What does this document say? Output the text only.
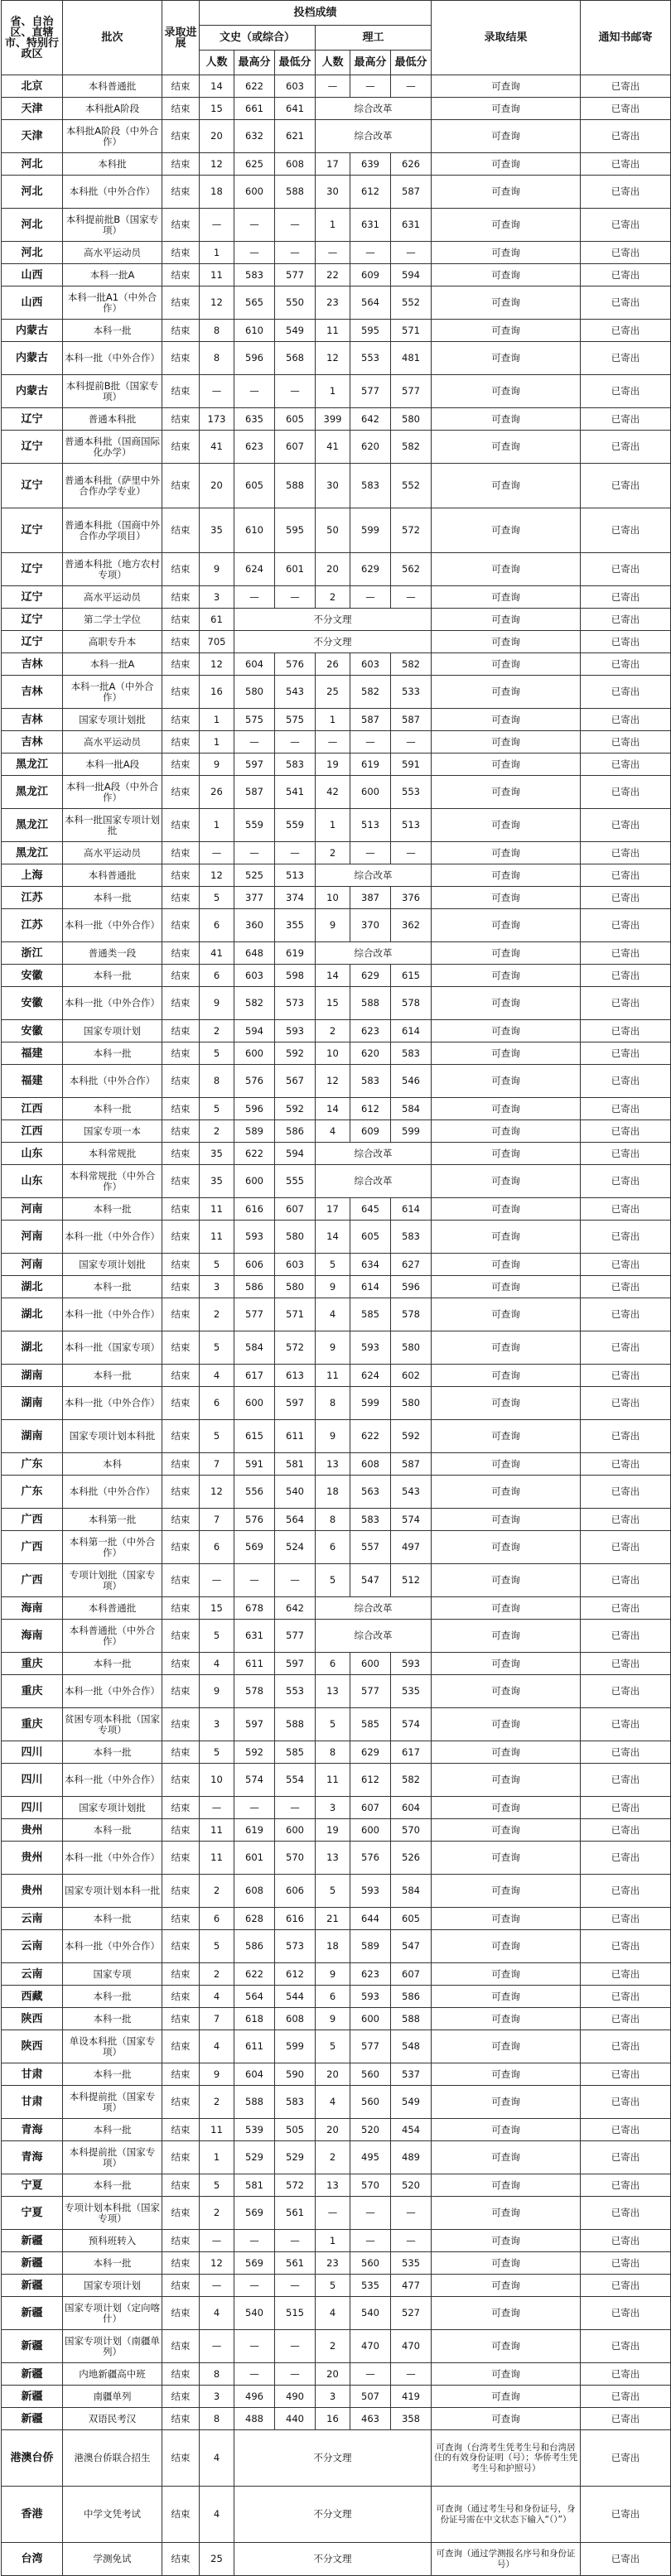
省、自治区、直辖市、特别行政区	批次	录取进展	投档成绩						录取结果	通知书邮寄
			文史（或综合）			理工				
			人数	最高分	最低分	人数	最高分	最低分		
北京	本科普通批	结束	14	622	603	—	—	—	可查询	已寄出
天津	本科批A阶段	结束	15	661	641	综合改革			可查询	已寄出
天津	本科批A阶段（中外合作）	结束	20	632	621	综合改革			可查询	已寄出
河北	本科批	结束	12	625	608	17	639	626	可查询	已寄出
河北	本科批（中外合作）	结束	18	600	588	30	612	587	可查询	已寄出
河北	本科提前批B（国家专项）	结束	—	—	—	1	631	631	可查询	已寄出
河北	高水平运动员	结束	1	—	—	—	—	—	可查询	已寄出
山西	本科一批A	结束	11	583	577	22	609	594	可查询	已寄出
山西	本科一批A1（中外合作）	结束	12	565	550	23	564	552	可查询	已寄出
内蒙古	本科一批	结束	8	610	549	11	595	571	可查询	已寄出
内蒙古	本科一批（中外合作）	结束	8	596	568	12	553	481	可查询	已寄出
内蒙古	本科提前B批（国家专项）	结束	—	—	—	1	577	577	可查询	已寄出
辽宁	普通本科批	结束	173	635	605	399	642	580	可查询	已寄出
辽宁	普通本科批（国商国际化办学）	结束	41	623	607	41	620	582	可查询	已寄出
辽宁	普通本科批（萨里中外合作办学专业）	结束	20	605	588	30	583	552	可查询	已寄出
辽宁	普通本科批（国商中外合作办学项目）	结束	35	610	595	50	599	572	可查询	已寄出
辽宁	普通本科批（地方农村专项）	结束	9	624	601	20	629	562	可查询	已寄出
辽宁	高水平运动员	结束	3	—	—	2	—	—	可查询	已寄出
辽宁	第二学士学位	结束	61	不分文理					可查询	已寄出
辽宁	高职专升本	结束	705	不分文理					可查询	已寄出
吉林	本科一批A	结束	12	604	576	26	603	582	可查询	已寄出
吉林	本科一批A（中外合作）	结束	16	580	543	25	582	533	可查询	已寄出
吉林	国家专项计划批	结束	1	575	575	1	587	587	可查询	已寄出
吉林	高水平运动员	结束	1	—	—	—	—	—	可查询	已寄出
黑龙江	本科一批A段	结束	9	597	583	19	619	591	可查询	已寄出
黑龙江	本科一批A段（中外合作）	结束	26	587	541	42	600	553	可查询	已寄出
黑龙江	本科一批国家专项计划批	结束	1	559	559	1	513	513	可查询	已寄出
黑龙江	高水平运动员	结束	—	—	—	2	—	—	可查询	已寄出
上海	本科普通批	结束	12	525	513	综合改革			可查询	已寄出
江苏	本科一批	结束	5	377	374	10	387	376	可查询	已寄出
江苏	本科一批（中外合作）	结束	6	360	355	9	370	362	可查询	已寄出
浙江	普通类一段	结束	41	648	619	综合改革			可查询	已寄出
安徽	本科一批	结束	6	603	598	14	629	615	可查询	已寄出
安徽	本科一批（中外合作）	结束	9	582	573	15	588	578	可查询	已寄出
安徽	国家专项计划	结束	2	594	593	2	623	614	可查询	已寄出
福建	本科一批	结束	5	600	592	10	620	583	可查询	已寄出
福建	本科批（中外合作）	结束	8	576	567	12	583	546	可查询	已寄出
江西	本科一批	结束	5	596	592	14	612	584	可查询	已寄出
江西	国家专项一本	结束	2	589	586	4	609	599	可查询	已寄出
山东	本科常规批	结束	35	622	594	综合改革			可查询	已寄出
山东	本科常规批（中外合作）	结束	35	600	555	综合改革			可查询	已寄出
河南	本科一批	结束	11	616	607	17	645	614	可查询	已寄出
河南	本科一批（中外合作）	结束	11	593	580	14	605	583	可查询	已寄出
河南	国家专项计划批	结束	5	606	603	5	634	627	可查询	已寄出
湖北	本科一批	结束	3	586	580	9	614	596	可查询	已寄出
湖北	本科一批（中外合作）	结束	2	577	571	4	585	578	可查询	已寄出
湖北	本科一批（国家专项）	结束	5	584	572	9	593	580	可查询	已寄出
湖南	本科一批	结束	4	617	613	11	624	602	可查询	已寄出
湖南	本科一批（中外合作）	结束	6	600	597	8	599	580	可查询	已寄出
湖南	国家专项计划本科批	结束	5	615	611	9	622	592	可查询	已寄出
广东	本科	结束	7	591	581	13	608	587	可查询	已寄出
广东	本科批（中外合作）	结束	12	556	540	18	563	543	可查询	已寄出
广西	本科第一批	结束	7	576	564	8	583	574	可查询	已寄出
广西	本科第一批（中外合作）	结束	6	569	524	6	557	497	可查询	已寄出
广西	专项计划批（国家专项）	结束	—	—	—	5	547	512	可查询	已寄出
海南	本科普通批	结束	15	678	642	综合改革			可查询	已寄出
海南	本科普通批（中外合作）	结束	5	631	577	综合改革			可查询	已寄出
重庆	本科一批	结束	4	611	597	6	600	593	可查询	已寄出
重庆	本科一批（中外合作）	结束	9	578	553	13	577	535	可查询	已寄出
重庆	贫困专项本科批（国家专项）	结束	3	597	588	5	585	574	可查询	已寄出
四川	本科一批	结束	5	592	585	8	629	617	可查询	已寄出
四川	本科一批（中外合作）	结束	10	574	554	11	612	582	可查询	已寄出
四川	国家专项计划批	结束	—	—	—	3	607	604	可查询	已寄出
贵州	本科一批	结束	11	619	600	19	600	570	可查询	已寄出
贵州	本科一批（中外合作）	结束	11	601	570	13	576	526	可查询	已寄出
贵州	国家专项计划本科一批	结束	2	608	606	5	593	584	可查询	已寄出
云南	本科一批	结束	6	628	616	21	644	605	可查询	已寄出
云南	本科一批（中外合作）	结束	5	586	573	18	589	547	可查询	已寄出
云南	国家专项	结束	2	622	612	9	623	607	可查询	已寄出
西藏	本科一批	结束	4	564	544	6	593	586	可查询	已寄出
陕西	本科一批	结束	7	618	608	9	600	588	可查询	已寄出
陕西	单设本科批（国家专项）	结束	4	611	599	5	577	548	可查询	已寄出
甘肃	本科一批	结束	9	604	590	20	560	537	可查询	已寄出
甘肃	本科提前批（国家专项）	结束	2	588	583	4	560	549	可查询	已寄出
青海	本科一批	结束	11	539	505	20	520	454	可查询	已寄出
青海	本科提前批（国家专项）	结束	1	529	529	2	495	489	可查询	已寄出
宁夏	本科一批	结束	5	581	572	13	570	520	可查询	已寄出
宁夏	专项计划本科批（国家专项）	结束	2	569	561	—	—	—	可查询	已寄出
新疆	预科班转入	结束	—	—	—	1	—	—	可查询	已寄出
新疆	本科一批	结束	12	569	561	23	560	535	可查询	已寄出
新疆	国家专项计划	结束	—	—	—	5	535	477	可查询	已寄出
新疆	国家专项计划（定向喀什）	结束	4	540	515	4	540	527	可查询	已寄出
新疆	国家专项计划（南疆单列）	结束	—	—	—	2	470	470	可查询	已寄出
新疆	内地新疆高中班	结束	8	—	—	20	—	—	可查询	已寄出
新疆	南疆单列	结束	3	496	490	3	507	419	可查询	已寄出
新疆	双语民考汉	结束	8	488	440	16	463	358	可查询	已寄出
港澳台侨	港澳台侨联合招生	结束	4	不分文理					可查询（台湾考生凭考生号和台湾居住的有效身份证明（号）；华侨考生凭考生号和护照号）	已寄出
香港	中学文凭考试	结束	4	不分文理					可查询（通过考生号和身份证号，身份证号需在中文状态下输入“（）”）	已寄出
台湾	学测免试	结束	25	不分文理					可查询（通过学测报名序号和身份证号）	已寄出
